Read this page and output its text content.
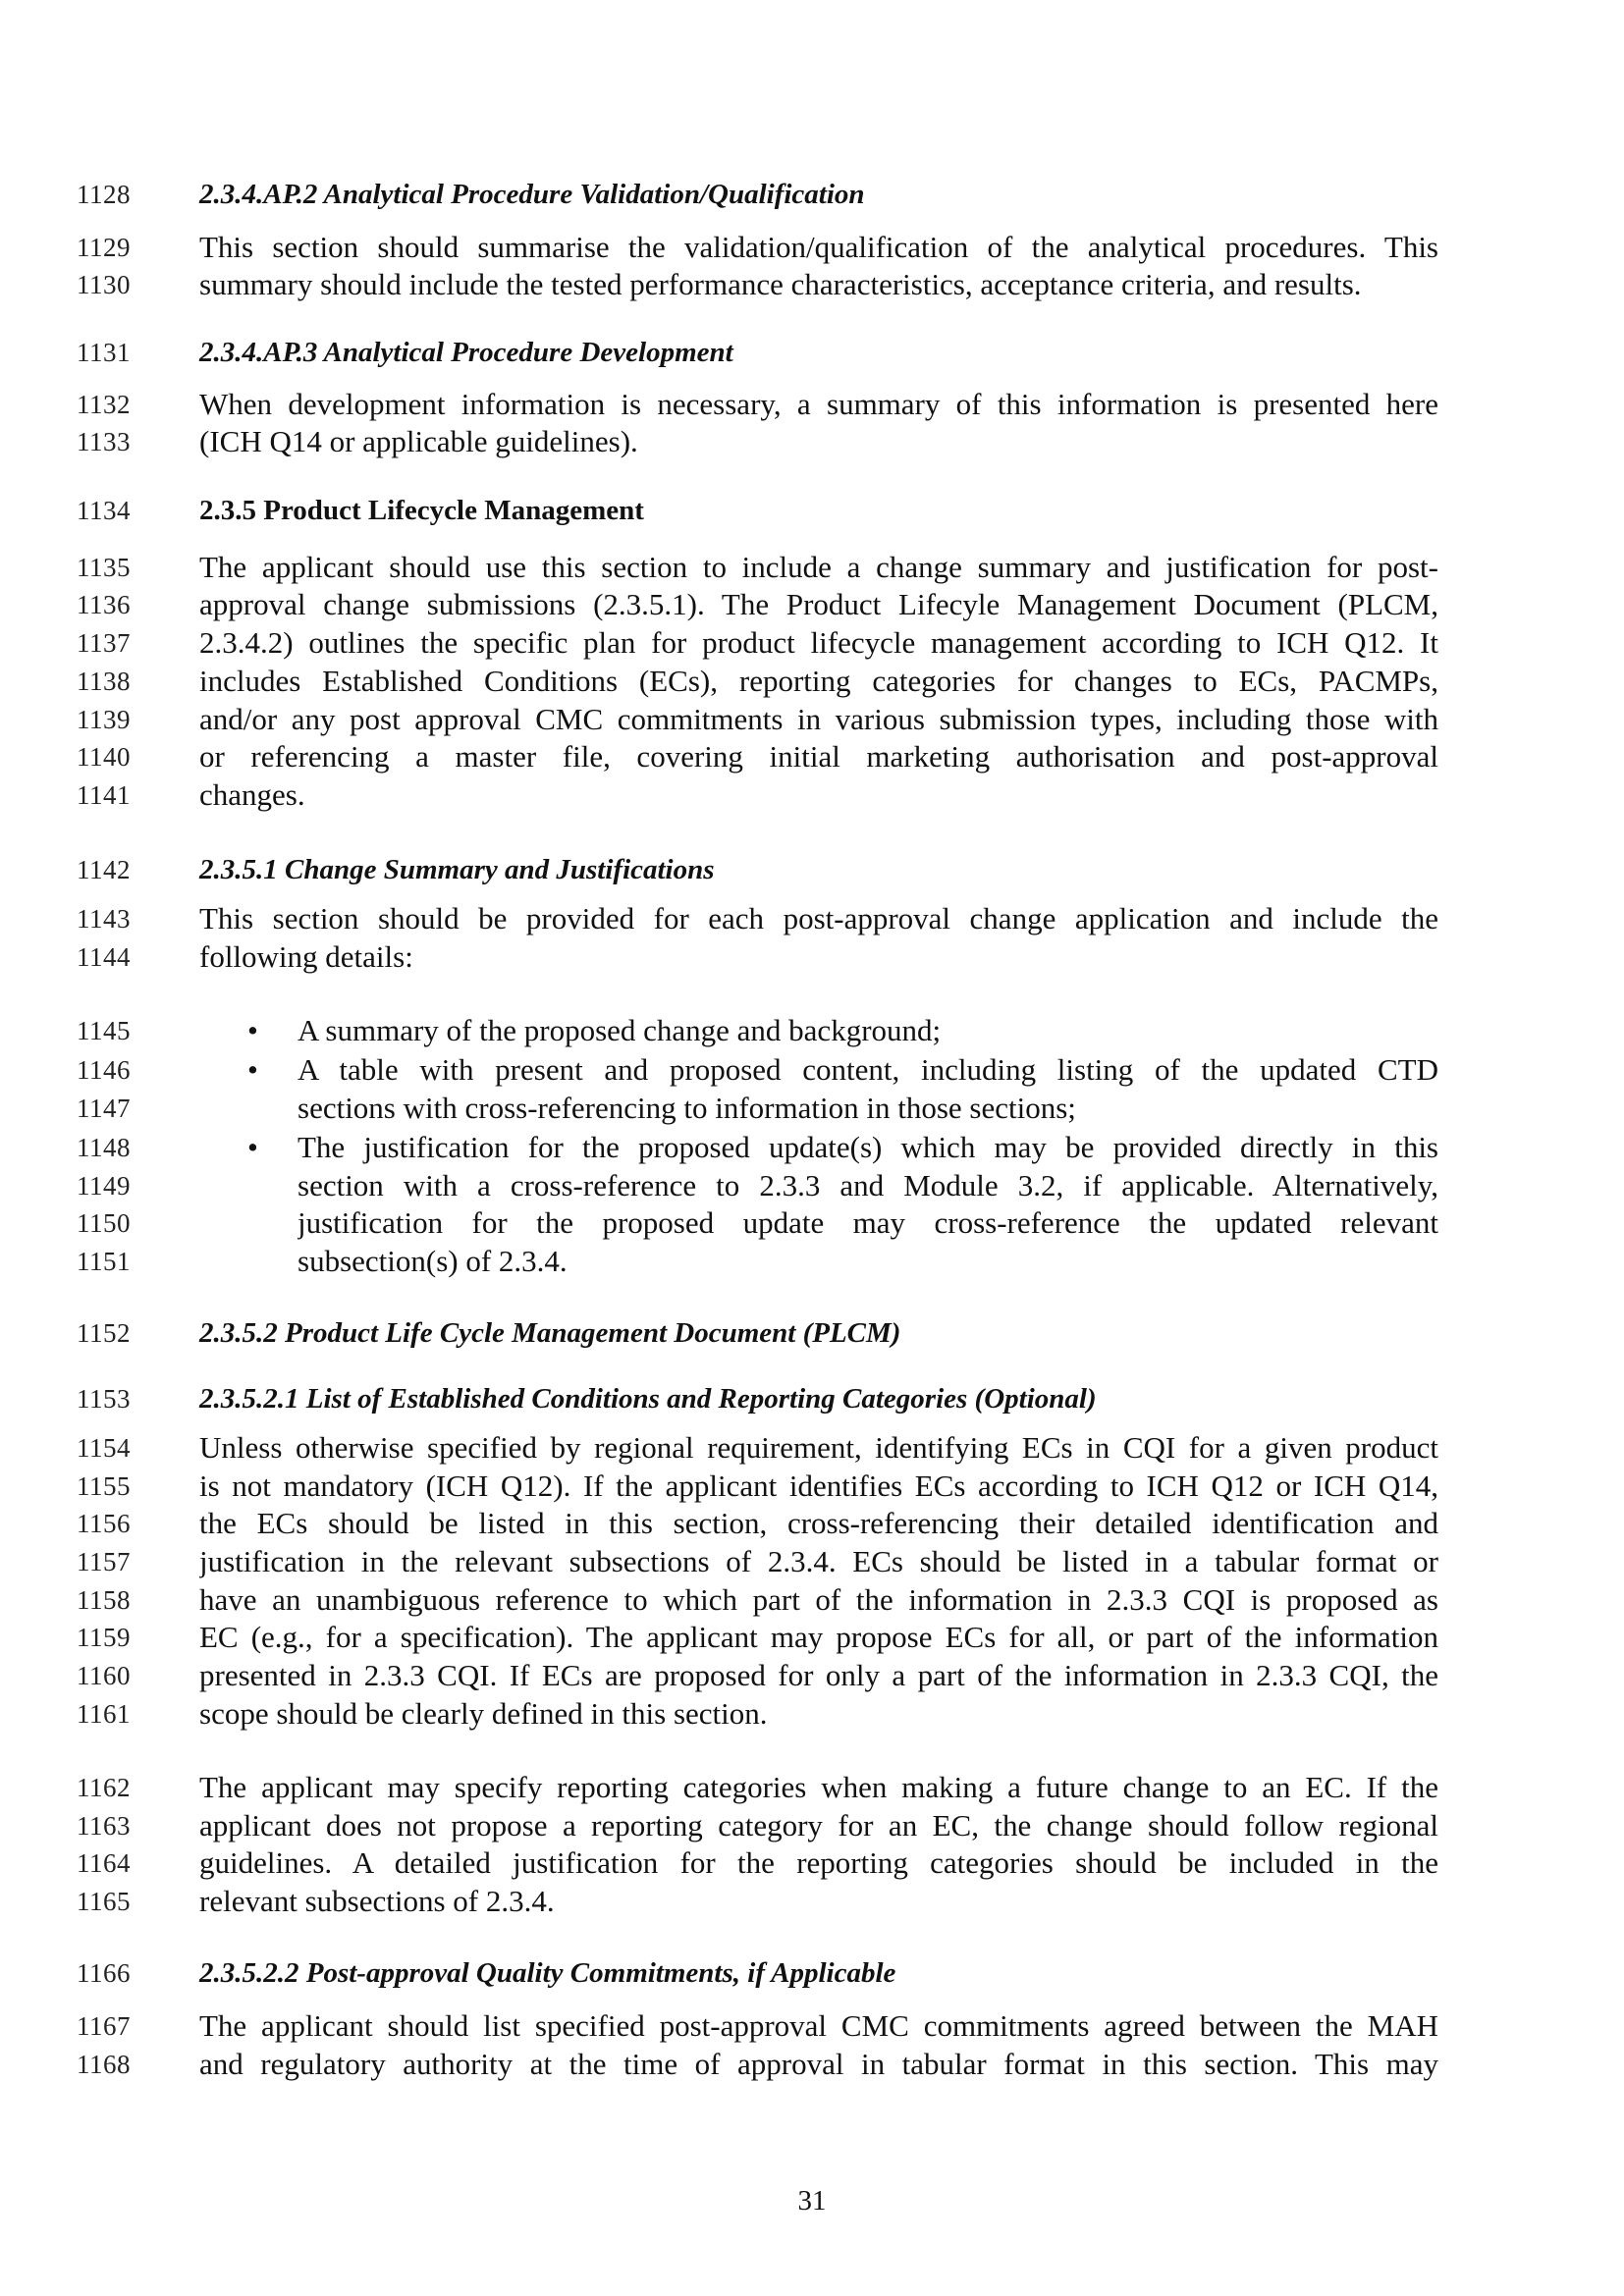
1128	2.3.4.AP.2 Analytical Procedure Validation/Qualification
1129	This section should summarise the validation/qualification of the analytical procedures. This
1130	summary should include the tested performance characteristics, acceptance criteria, and results.
1131	2.3.4.AP.3 Analytical Procedure Development
1132	When development information is necessary, a summary of this information is presented here
1133	(ICH Q14 or applicable guidelines).
1134	2.3.5 Product Lifecycle Management
1135	The applicant should use this section to include a change summary and justification for post-
1136	approval change submissions (2.3.5.1). The Product Lifecyle Management Document (PLCM,
1137	2.3.4.2) outlines the specific plan for product lifecycle management according to ICH Q12. It
1138	includes Established Conditions (ECs), reporting categories for changes to ECs, PACMPs,
1139	and/or any post approval CMC commitments in various submission types, including those with
1140	or referencing a master file, covering initial marketing authorisation and post-approval
1141	changes.
1142	2.3.5.1 Change Summary and Justifications
1143	This section should be provided for each post-approval change application and include the
1144	following details:
1145	• A summary of the proposed change and background;
1146	• A table with present and proposed content, including listing of the updated CTD
1147	sections with cross-referencing to information in those sections;
1148	• The justification for the proposed update(s) which may be provided directly in this
1149	section with a cross-reference to 2.3.3 and Module 3.2, if applicable. Alternatively,
1150	justification for the proposed update may cross-reference the updated relevant
1151	subsection(s) of 2.3.4.
1152	2.3.5.2 Product Life Cycle Management Document (PLCM)
1153	2.3.5.2.1 List of Established Conditions and Reporting Categories (Optional)
1154	Unless otherwise specified by regional requirement, identifying ECs in CQI for a given product
1155	is not mandatory (ICH Q12). If the applicant identifies ECs according to ICH Q12 or ICH Q14,
1156	the ECs should be listed in this section, cross-referencing their detailed identification and
1157	justification in the relevant subsections of 2.3.4. ECs should be listed in a tabular format or
1158	have an unambiguous reference to which part of the information in 2.3.3 CQI is proposed as
1159	EC (e.g., for a specification). The applicant may propose ECs for all, or part of the information
1160	presented in 2.3.3 CQI. If ECs are proposed for only a part of the information in 2.3.3 CQI, the
1161	scope should be clearly defined in this section.
1162	The applicant may specify reporting categories when making a future change to an EC. If the
1163	applicant does not propose a reporting category for an EC, the change should follow regional
1164	guidelines. A detailed justification for the reporting categories should be included in the
1165	relevant subsections of 2.3.4.
1166	2.3.5.2.2 Post-approval Quality Commitments, if Applicable
1167	The applicant should list specified post-approval CMC commitments agreed between the MAH
1168	and regulatory authority at the time of approval in tabular format in this section. This may
31
